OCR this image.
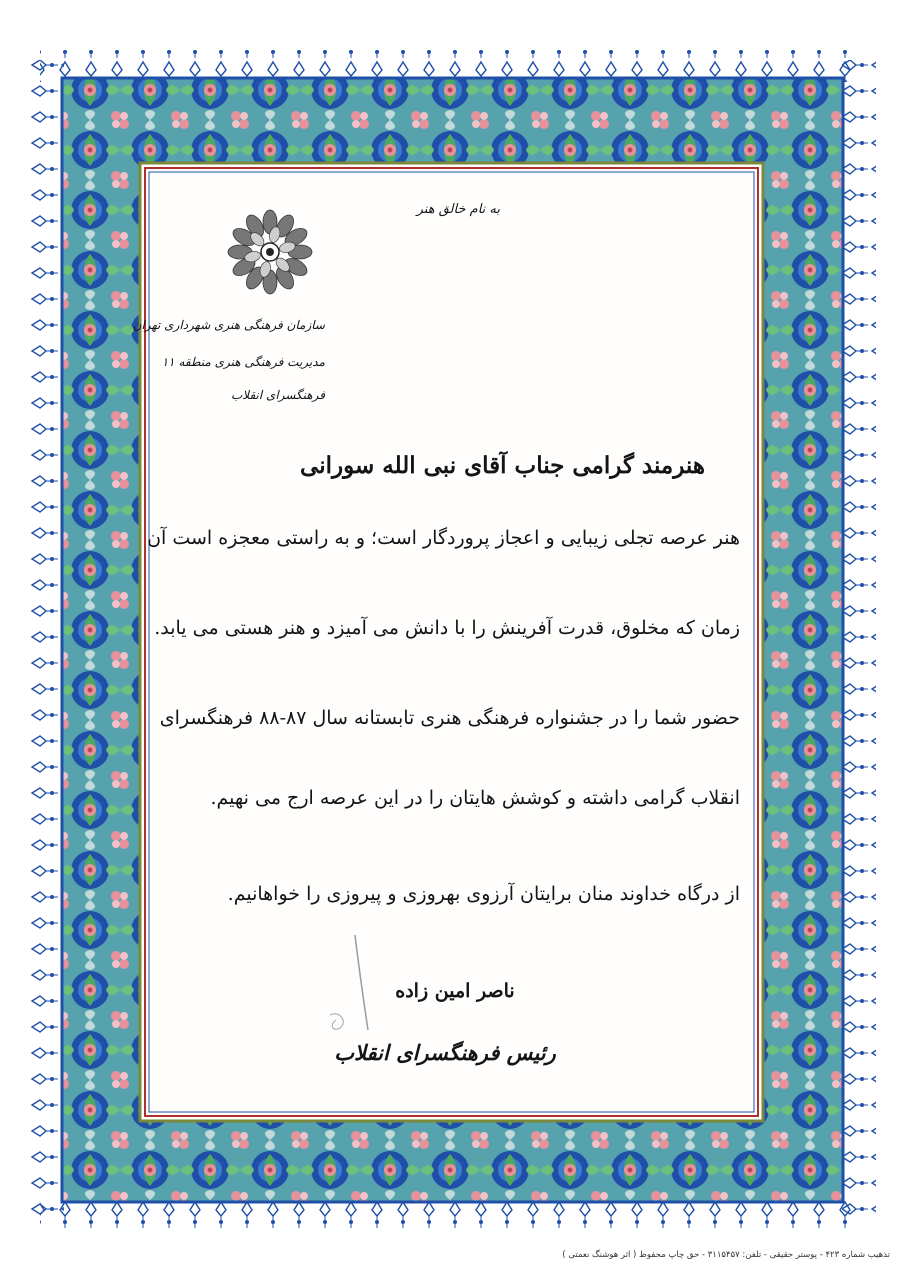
به نام خالق هنر
سازمان فرهنگی هنری شهرداری تهران
مدیریت فرهنگی هنری منطقه ۱۱
فرهنگسرای انقلاب
هنرمند گرامی جناب آقای نبی الله سورانی
هنر عرصه تجلی زیبایی و اعجاز پروردگار است؛ و به راستی معجزه است آن
زمان که مخلوق، قدرت آفرینش را با دانش می آمیزد و هنر هستی می یابد.
حضور شما را در جشنواره فرهنگی هنری تابستانه سال ۸۷-۸۸ فرهنگسرای
انقلاب گرامی داشته و کوشش هایتان را در این عرصه ارج می نهیم.
از درگاه خداوند منان برایتان آرزوی بهروزی و پیروزی را خواهانیم.
ناصر امین زاده
رئیس فرهنگسرای انقلاب
تذهیب شماره ۴۲۳ - پوستر حقیقی - تلفن: ۳۱۱۵۴۵۷ - حق چاپ محفوظ ( اثر هوشنگ نعمتی )
